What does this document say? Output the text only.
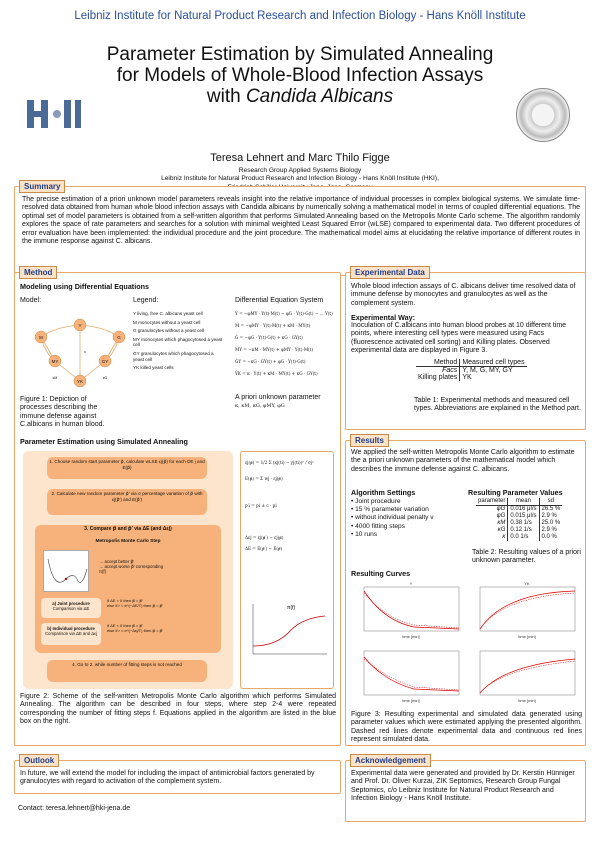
Leibniz Institute for Natural Product Research and Infection Biology - Hans Knöll Institute
Parameter Estimation by Simulated Annealing
for Models of Whole-Blood Infection Assays
with Candida Albicans
Teresa Lehnert and Marc Thilo Figge
Research Group Applied Systems Biology
Leibniz Institute for Natural Product Research and Infection Biology - Hans Knöll Institute (HKI),
Summary
The precise estimation of a priori unknown model parameters reveals insight into the relative importance of individual processes in complex biological systems. We simulate time-resolved data obtained from human whole blood infection assays with Candida albicans by numerically solving a mathematical model in terms of coupled differential equations. The optimal set of model parameters is obtained from a self-written algorithm that performs Simulated Annealing based on the Metropolis Monte Carlo scheme. The algorithm randomly explores the space of rate parameters and searches for a solution with minimal weighted Least Squared Error (wLSE) compared to experimental data. Two different procedures of error evaluation have been implemented: the individual procedure and the joint procedure. The mathematical model aims at elucidating the relative importance of different routes in the immune response against C. albicans.
Method
Modeling using Differential Equations
Model:	Legend:	Differential Equation System
Y
M	G
MY	GY
YK
κM	κG
κ
Y living, free C. albicans yeast cell
M monocytes without a yeast cell
G granulocytes without a yeast cell
MY monocytes which phagocytosed a yeast cell
GY granulocytes which phagocytosed a yeast cell
YK killed yeast cells
Ẏ = −φMY · Y(t)·M(t) − φG · Y(t)·G(t) − ... Y(t)
Ṁ = −φMY · Y(t)·M(t) + κM · MY(t)
Ġ = −φG · Y(t)·G(t) + κG · GY(t)
ṀY = −κM · MY(t) + φMY · Y(t)·M(t)
ĠY = −κG · GY(t) + φG · Y(t)·G(t)
ẎK = κ · Y(t) + κM · MY(t) + κG · GY(t)
A priori unknown parameter
κ, κM, κG, φMY, φG
Figure 1: Depiction of processes describing the immune defense against C.albicans in human blood.
Parameter Estimation using Simulated Annealing
1. Choose random start parameter p⃗, calculate wLSE εj(p⃗) for each DE j and E(p⃗)
2. Calculate new random parameter p⃗′ via σ percentage variation of p⃗ with εj(p⃗′) and E(p⃗′)
3. Compare p⃗ and p⃗′ via ΔE (and Δεj)
Metropolis Monte Carlo Step
→ accept better p⃗′
→ accept worse p⃗′ corresponding π(f)
a) Joint procedure
Comparison via ΔE
if ΔE < 0 then p⃗ = p⃗′
else if r < e^(−ΔE/T) then p⃗ = p⃗′
b) Individual procedure
Comparison via ΔE and Δεj
if ΔE < 0 then p⃗ = p⃗′
else if r < e^(−Δεj/T) then p⃗ = p⃗′
4. Go to 2. while number of fitting steps is not reached
εj(p⃗) = 1/2 Σ (xj(ti) − yj(ti))² / σj²
E(p⃗) = Σ wj · εj(p⃗)
p′i = pi ± c · pi
Δεj = εj(p⃗′) − εj(p⃗)
ΔE = E(p⃗′) − E(p⃗)
π(f)
Figure 2: Scheme of the self-written Metropolis Monte Carlo algorithm which performs Simulated Annealing. The algorithm can be described in four steps, where step 2-4 were repeated corresponding the number of fitting steps f. Equations applied in the algorithm are listed in the blue box on the right.
Experimental Data
Whole blood infection assays of C. albicans deliver time resolved data of immune defense by monocytes and granulocytes as well as the complement system.
Experimental Way:
Inoculation of C.albicans into human blood probes at 10 different time points, where interesting cell types were measured using Facs (fluorescence activated cell sorting) and Killing plates. Observed experimental data are displayed in Figure 3.
Method	Measured cell types
Facs	Y, M, G, MY, GY
Killing plates	YK
Table 1: Experimental methods and measured cell types. Abbreviations are explained in the Method part.
Results
We applied the self-written Metropolis Monte Carlo algorithm to estimate the a priori unknown parameters of the mathematical model which describes the immune defense against C. albicans.
Algorithm Settings
• Joint procedure
• 15 % parameter variation
• without individual penalty ν
• 4000 fitting steps
• 10 runs
Resulting Parameter Values
parameter	mean	sd
φG	0.016 μl/s	26.5 %
φG	0.015 μl/s	2.9 %
κM	0.38 1/s	25.0 %
κG	0.12 1/s	2.9 %
κ	0.0 1/s	0.0 %
Table 2: Resulting values of a priori unknown parameter.
Resulting Curves
Y
time [min]
YK
time [min]
time [min]	time [min]
Figure 3: Resulting experimental and simulated data generated using parameter values which were estimated applying the presented algorithm. Dashed red lines denote experimental data and continuous red lines represent simulated data.
Outlook
In future, we will extend the model for including the impact of antimicrobial factors generated by granulocytes with regard to activation of the complement system.
Acknowledgement
Experimental data were generated and provided by Dr. Kerstin Hünniger and Prof. Dr. Oliver Kurzai, ZIK Septomics, Research Group Fungal Septomics, c/o Leibniz Institute for Natural Product Research and Infection Biology - Hans Knöll Institute.
Contact: teresa.lehnert@hki-jena.de
